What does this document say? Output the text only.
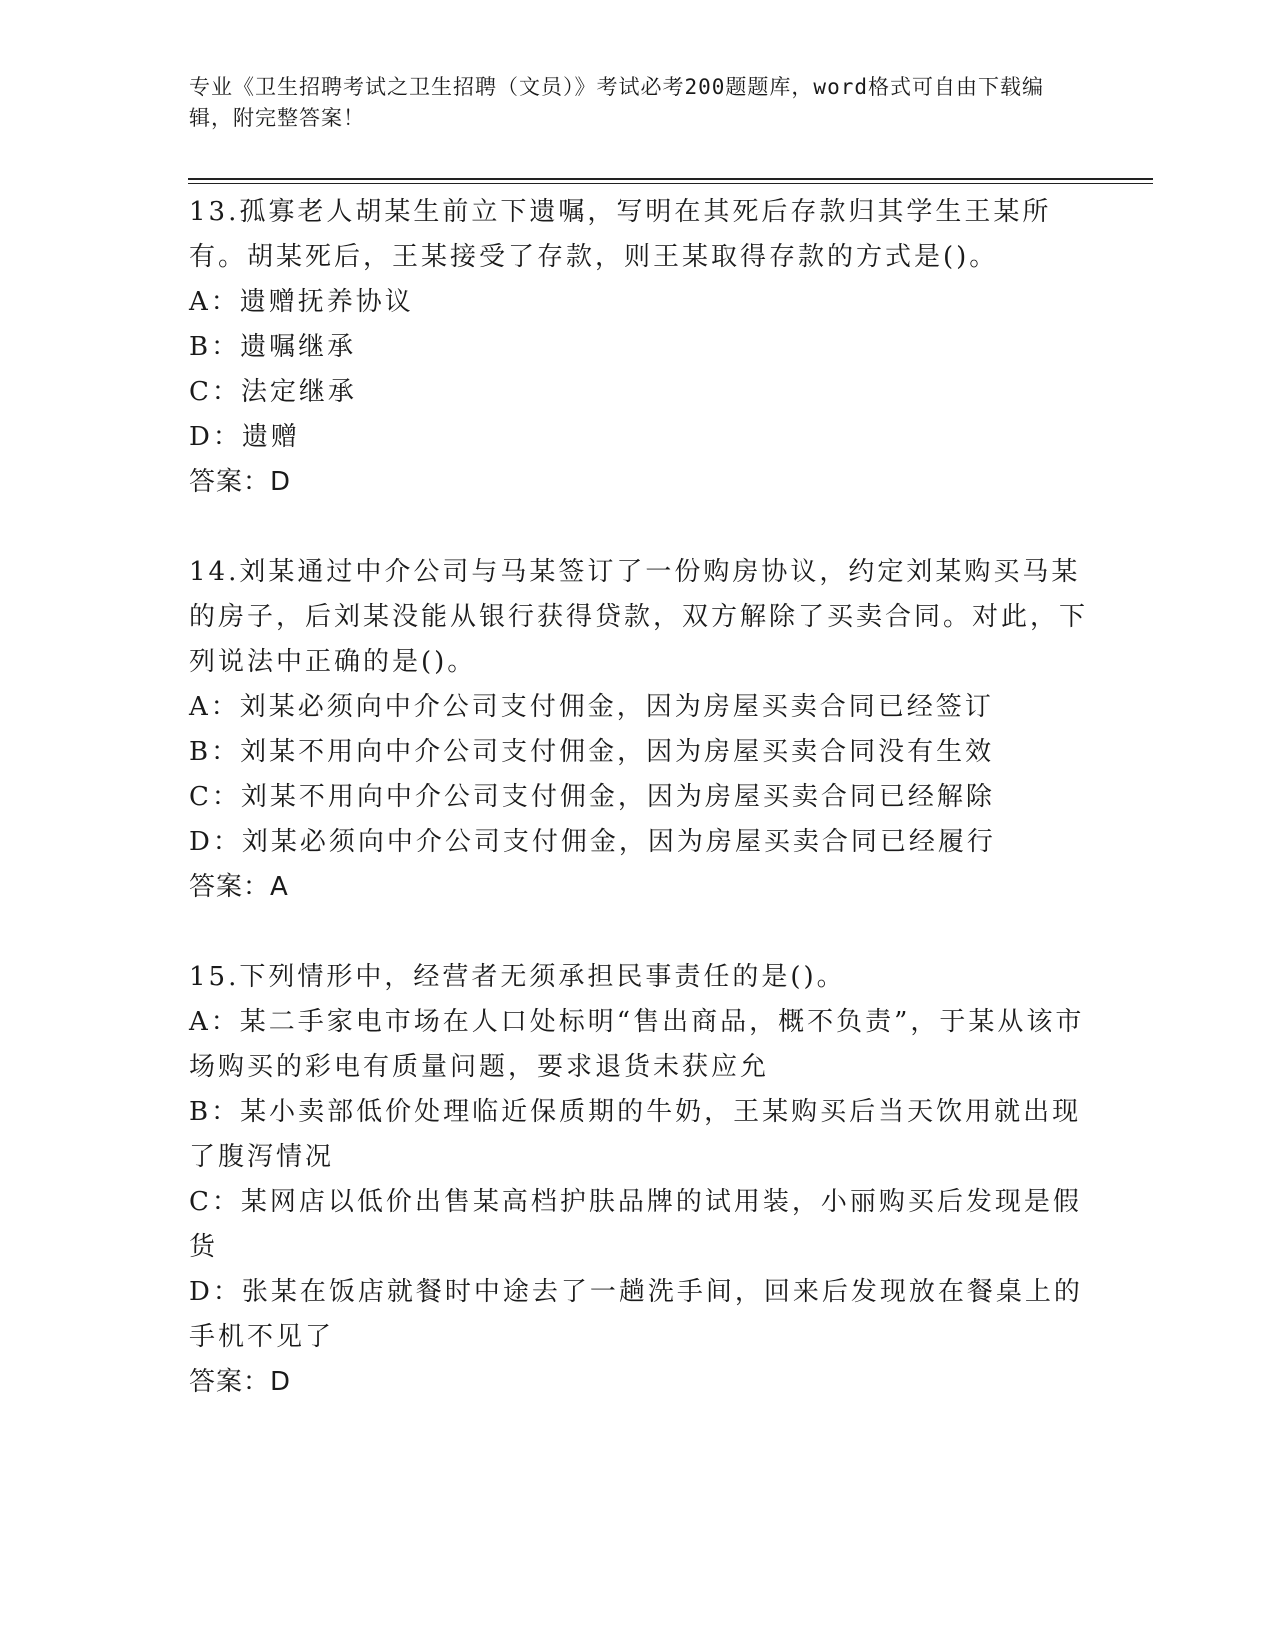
专业《卫生招聘考试之卫生招聘（文员）》考试必考200题题库，word格式可自由下载编辑，附完整答案！
13.孤寡老人胡某生前立下遗嘱，写明在其死后存款归其学生王某所有。胡某死后，王某接受了存款，则王某取得存款的方式是()。
A：遗赠抚养协议
B：遗嘱继承
C：法定继承
D：遗赠
答案：D
14.刘某通过中介公司与马某签订了一份购房协议，约定刘某购买马某的房子，后刘某没能从银行获得贷款，双方解除了买卖合同。对此，下列说法中正确的是()。
A：刘某必须向中介公司支付佣金，因为房屋买卖合同已经签订
B：刘某不用向中介公司支付佣金，因为房屋买卖合同没有生效
C：刘某不用向中介公司支付佣金，因为房屋买卖合同已经解除
D：刘某必须向中介公司支付佣金，因为房屋买卖合同已经履行
答案：A
15.下列情形中，经营者无须承担民事责任的是()。
A：某二手家电市场在人口处标明“售出商品，概不负责”，于某从该市场购买的彩电有质量问题，要求退货未获应允
B：某小卖部低价处理临近保质期的牛奶，王某购买后当天饮用就出现了腹泻情况
C：某网店以低价出售某高档护肤品牌的试用装，小丽购买后发现是假货
D：张某在饭店就餐时中途去了一趟洗手间，回来后发现放在餐桌上的手机不见了
答案：D
